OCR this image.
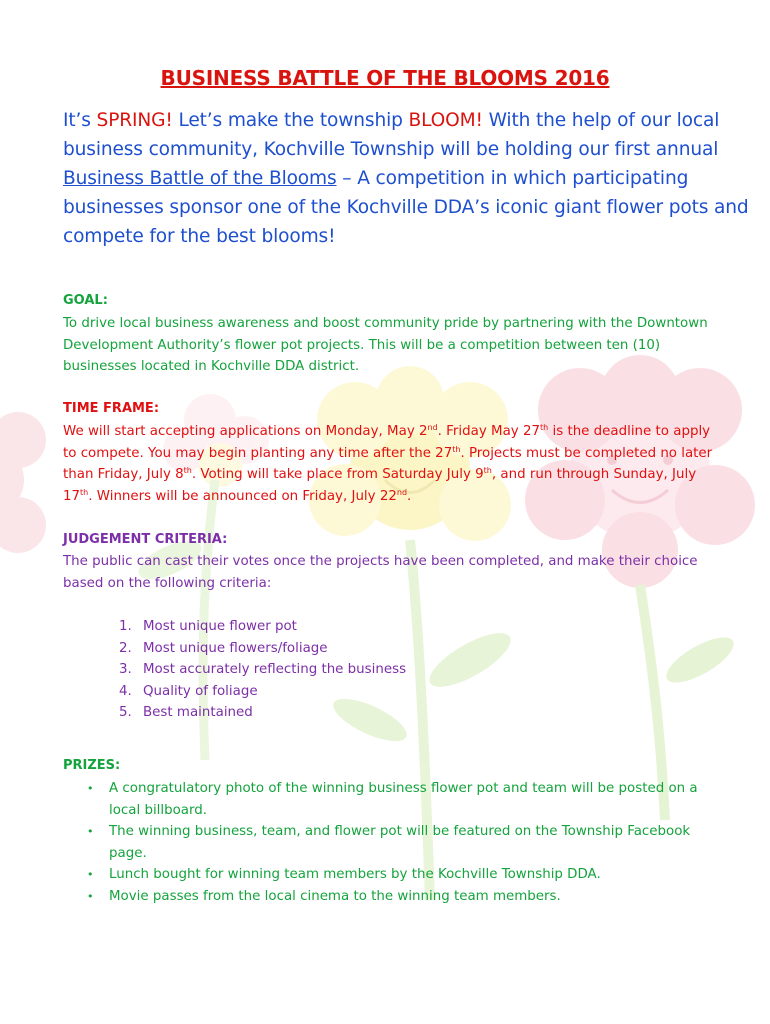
BUSINESS BATTLE OF THE BLOOMS 2016

It’s SPRING! Let’s make the township BLOOM! With the help of our local business community, Kochville Township will be holding our first annual Business Battle of the Blooms – A competition in which participating businesses sponsor one of the Kochville DDA’s iconic giant flower pots and compete for the best blooms!

GOAL:

To drive local business awareness and boost community pride by partnering with the Downtown Development Authority’s flower pot projects. This will be a competition between ten (10) businesses located in Kochville DDA district.

TIME FRAME:

We will start accepting applications on Monday, May 2nd. Friday May 27th is the deadline to apply to compete. You may begin planting any time after the 27th. Projects must be completed no later than Friday, July 8th. Voting will take place from Saturday July 9th, and run through Sunday, July 17th. Winners will be announced on Friday, July 22nd.

JUDGEMENT CRITERIA:

The public can cast their votes once the projects have been completed, and make their choice based on the following criteria:

1. Most unique flower pot
2. Most unique flowers/foliage
3. Most accurately reflecting the business
4. Quality of foliage
5. Best maintained
PRIZES:
• A congratulatory photo of the winning business flower pot and team will be posted on a local billboard.
• The winning business, team, and flower pot will be featured on the Township Facebook page.
• Lunch bought for winning team members by the Kochville Township DDA.
• Movie passes from the local cinema to the winning team members.
